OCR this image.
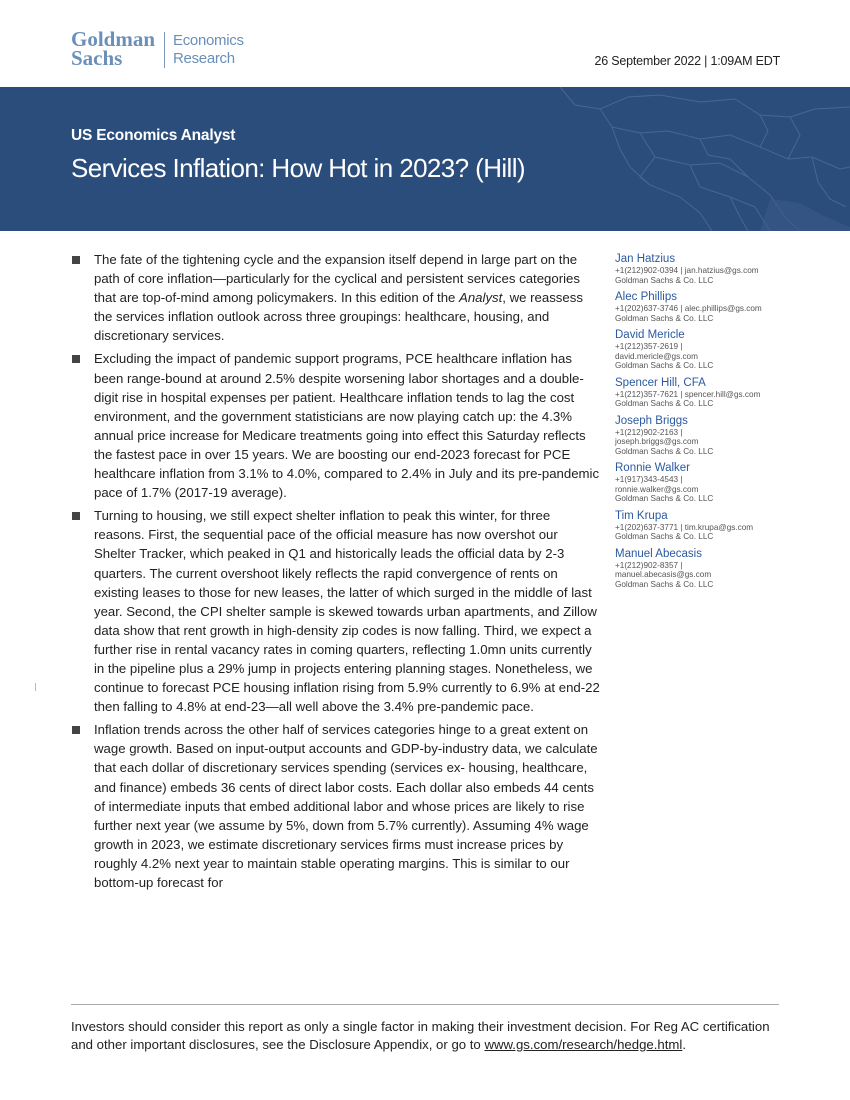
Goldman
Sachs
Economics
Research	26 September 2022 | 1:09AM EDT
US Economics Analyst
Services Inflation: How Hot in 2023? (Hill)
The fate of the tightening cycle and the expansion itself depend in large part on the path of core inflation—particularly for the cyclical and persistent services categories that are top-of-mind among policymakers. In this edition of the Analyst, we reassess the services inflation outlook across three groupings: healthcare, housing, and discretionary services.
Excluding the impact of pandemic support programs, PCE healthcare inflation has been range-bound at around 2.5% despite worsening labor shortages and a double-digit rise in hospital expenses per patient. Healthcare inflation tends to lag the cost environment, and the government statisticians are now playing catch up: the 4.3% annual price increase for Medicare treatments going into effect this Saturday reflects the fastest pace in over 15 years. We are boosting our end-2023 forecast for PCE healthcare inflation from 3.1% to 4.0%, compared to 2.4% in July and its pre-pandemic pace of 1.7% (2017-19 average).
Turning to housing, we still expect shelter inflation to peak this winter, for three reasons. First, the sequential pace of the official measure has now overshot our Shelter Tracker, which peaked in Q1 and historically leads the official data by 2-3 quarters. The current overshoot likely reflects the rapid convergence of rents on existing leases to those for new leases, the latter of which surged in the middle of last year. Second, the CPI shelter sample is skewed towards urban apartments, and Zillow data show that rent growth in high-density zip codes is now falling. Third, we expect a further rise in rental vacancy rates in coming quarters, reflecting 1.0mn units currently in the pipeline plus a 29% jump in projects entering planning stages. Nonetheless, we continue to forecast PCE housing inflation rising from 5.9% currently to 6.9% at end-22 then falling to 4.8% at end-23—all well above the 3.4% pre-pandemic pace.
Inflation trends across the other half of services categories hinge to a great extent on wage growth. Based on input-output accounts and GDP-by-industry data, we calculate that each dollar of discretionary services spending (services ex- housing, healthcare, and finance) embeds 36 cents of direct labor costs. Each dollar also embeds 44 cents of intermediate inputs that embed additional labor and whose prices are likely to rise further next year (we assume by 5%, down from 5.7% currently). Assuming 4% wage growth in 2023, we estimate discretionary services firms must increase prices by roughly 4.2% next year to maintain stable operating margins. This is similar to our bottom-up forecast for
Jan Hatzius
+1(212)902-0394 | jan.hatzius@gs.com
Goldman Sachs & Co. LLC
Alec Phillips
+1(202)637-3746 | alec.phillips@gs.com
Goldman Sachs & Co. LLC
David Mericle
+1(212)357-2619 |
david.mericle@gs.com
Goldman Sachs & Co. LLC
Spencer Hill, CFA
+1(212)357-7621 | spencer.hill@gs.com
Goldman Sachs & Co. LLC
Joseph Briggs
+1(212)902-2163 |
joseph.briggs@gs.com
Goldman Sachs & Co. LLC
Ronnie Walker
+1(917)343-4543 |
ronnie.walker@gs.com
Goldman Sachs & Co. LLC
Tim Krupa
+1(202)637-3771 | tim.krupa@gs.com
Goldman Sachs & Co. LLC
Manuel Abecasis
+1(212)902-8357 |
manuel.abecasis@gs.com
Goldman Sachs & Co. LLC
Investors should consider this report as only a single factor in making their investment decision. For Reg AC certification and other important disclosures, see the Disclosure Appendix, or go to www.gs.com/research/hedge.html.
